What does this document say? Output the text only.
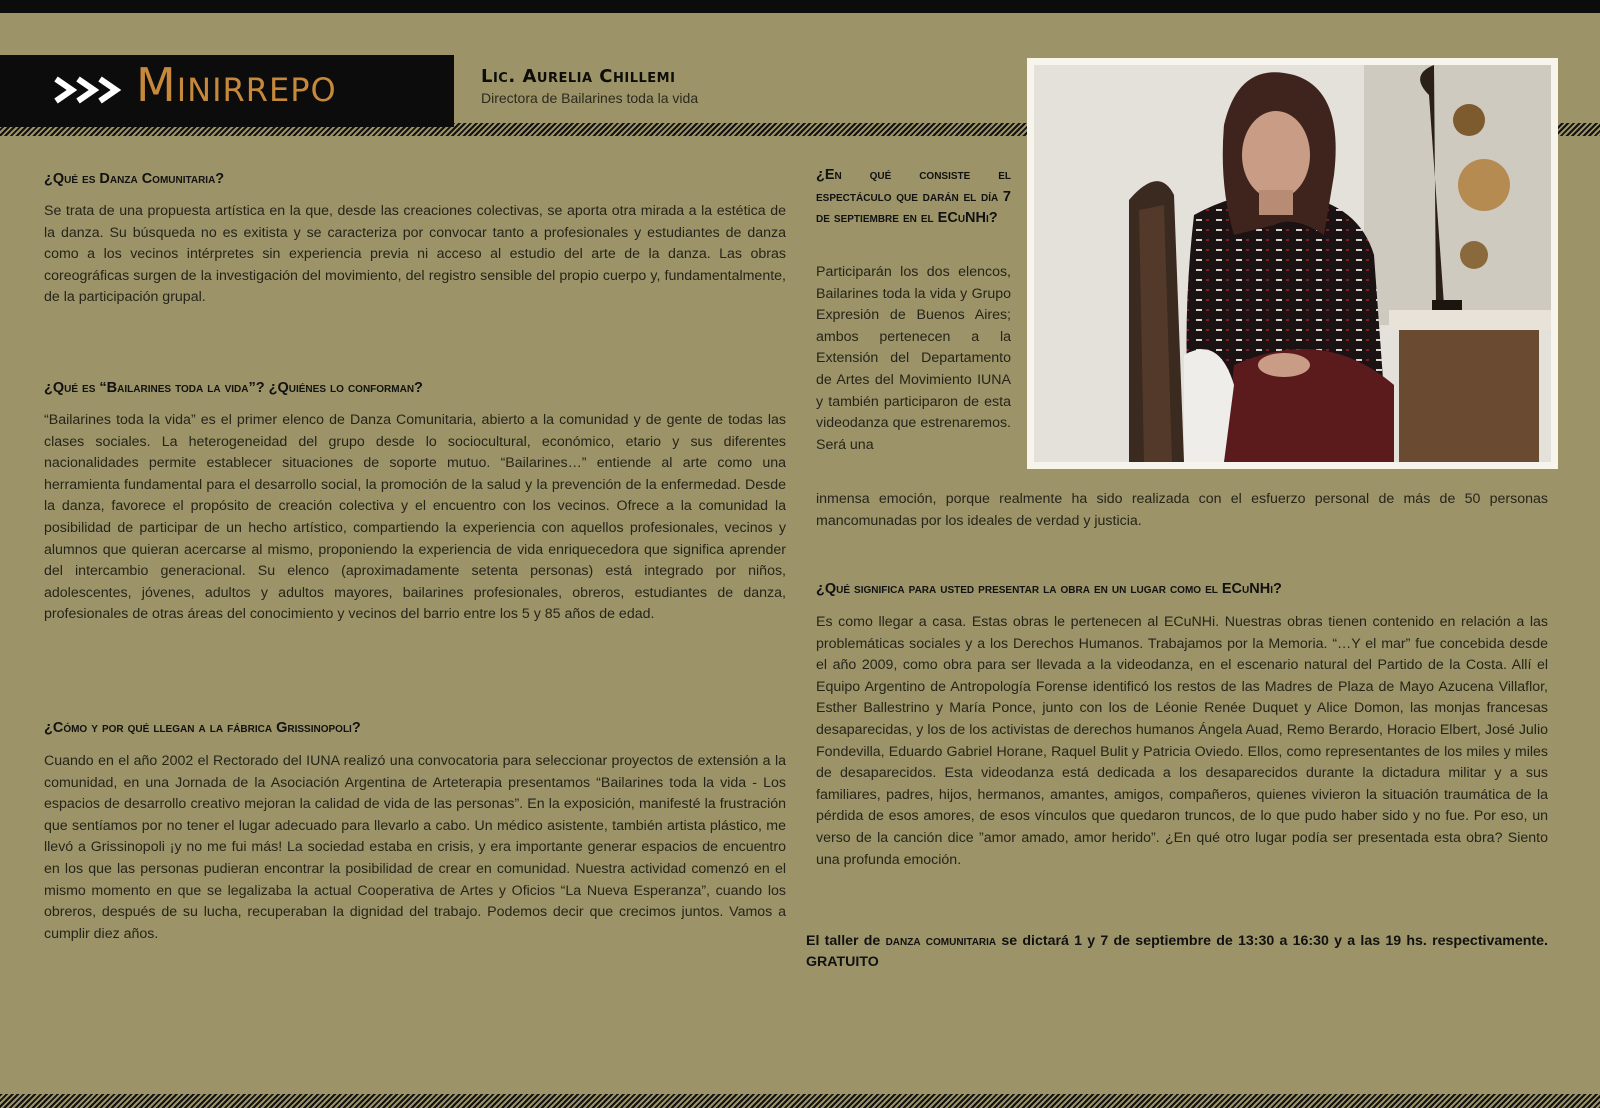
Minirrepo	Lic. Aurelia Chillemi
Directora de Bailarines toda la vida
¿Qué es Danza Comunitaria?

Se trata de una propuesta artística en la que, desde las creaciones colectivas, se aporta otra mirada a la estética de la danza. Su búsqueda no es exitista y se caracteriza por convocar tanto a profesionales y estudiantes de danza como a los vecinos intérpretes sin experiencia previa ni acceso al estudio del arte de la danza. Las obras coreográficas surgen de la investigación del movimiento, del registro sensible del propio cuerpo y, fundamentalmente, de la participación grupal.

¿Qué es “Bailarines toda la vida”? ¿Quiénes lo conforman?

“Bailarines toda la vida” es el primer elenco de Danza Comunitaria, abierto a la comunidad y de gente de todas las clases sociales. La heterogeneidad del grupo desde lo sociocultural, económico, etario y sus diferentes nacionalidades permite establecer situaciones de soporte mutuo. “Bailarines…” entiende al arte como una herramienta fundamental para el desarrollo social, la promoción de la salud y la prevención de la enfermedad. Desde la danza, favorece el propósito de creación colectiva y el encuentro con los vecinos. Ofrece a la comunidad la posibilidad de participar de un hecho artístico, compartiendo la experiencia con aquellos profesionales, vecinos y alumnos que quieran acercarse al mismo, proponiendo la experiencia de vida enriquecedora que significa aprender del intercambio generacional. Su elenco (aproximadamente setenta personas) está integrado por niños, adolescentes, jóvenes, adultos y adultos mayores, bailarines profesionales, obreros, estudiantes de danza, profesionales de otras áreas del conocimiento y vecinos del barrio entre los 5 y 85 años de edad.

¿Cómo y por qué llegan a la fábrica Grissinopoli?

Cuando en el año 2002 el Rectorado del IUNA realizó una convocatoria para seleccionar proyectos de extensión a la comunidad, en una Jornada de la Asociación Argentina de Arteterapia presentamos “Bailarines toda la vida - Los espacios de desarrollo creativo mejoran la calidad de vida de las personas”. En la exposición, manifesté la frustración que sentíamos por no tener el lugar adecuado para llevarlo a cabo. Un médico asistente, también artista plástico, me llevó a Grissinopoli ¡y no me fui más! La sociedad estaba en crisis, y era importante generar espacios de encuentro en los que las personas pudieran encontrar la posibilidad de crear en comunidad. Nuestra actividad comenzó en el mismo momento en que se legalizaba la actual Cooperativa de Artes y Oficios “La Nueva Esperanza”, cuando los obreros, después de su lucha, recuperaban la dignidad del trabajo. Podemos decir que crecimos juntos. Vamos a cumplir diez años.

¿En qué consiste el espectáculo que darán el día 7 de septiembre en el ECuNHi?

Participarán los dos elencos, Bailarines toda la vida y Grupo Expresión de Buenos Aires; ambos pertenecen a la Extensión del Departamento de Artes del Movimiento IUNA y también participaron de esta videodanza que estrenaremos. Será una

inmensa emoción, porque realmente ha sido realizada con el esfuerzo personal de más de 50 personas mancomunadas por los ideales de verdad y justicia.

¿Qué significa para usted presentar la obra en un lugar como el ECuNHi?

Es como llegar a casa. Estas obras le pertenecen al ECuNHi. Nuestras obras tienen contenido en relación a las problemáticas sociales y a los Derechos Humanos. Trabajamos por la Memoria. “…Y el mar” fue concebida desde el año 2009, como obra para ser llevada a la videodanza, en el escenario natural del Partido de la Costa. Allí el Equipo Argentino de Antropología Forense identificó los restos de las Madres de Plaza de Mayo Azucena Villaflor, Esther Ballestrino y María Ponce, junto con los de Léonie Renée Duquet y Alice Domon, las monjas francesas desaparecidas, y los de los activistas de derechos humanos Ángela Auad, Remo Berardo, Horacio Elbert, José Julio Fondevilla, Eduardo Gabriel Horane, Raquel Bulit y Patricia Oviedo. Ellos, como representantes de los miles y miles de desaparecidos. Esta videodanza está dedicada a los desaparecidos durante la dictadura militar y a sus familiares, padres, hijos, hermanos, amantes, amigos, compañeros, quienes vivieron la situación traumática de la pérdida de esos amores, de esos vínculos que quedaron truncos, de lo que pudo haber sido y no fue. Por eso, un verso de la canción dice ”amor amado, amor herido”. ¿En qué otro lugar podía ser presentada esta obra? Siento una profunda emoción.

El taller de danza comunitaria se dictará 1 y 7 de septiembre de 13:30 a 16:30 y a las 19 hs. respectivamente. GRATUITO
